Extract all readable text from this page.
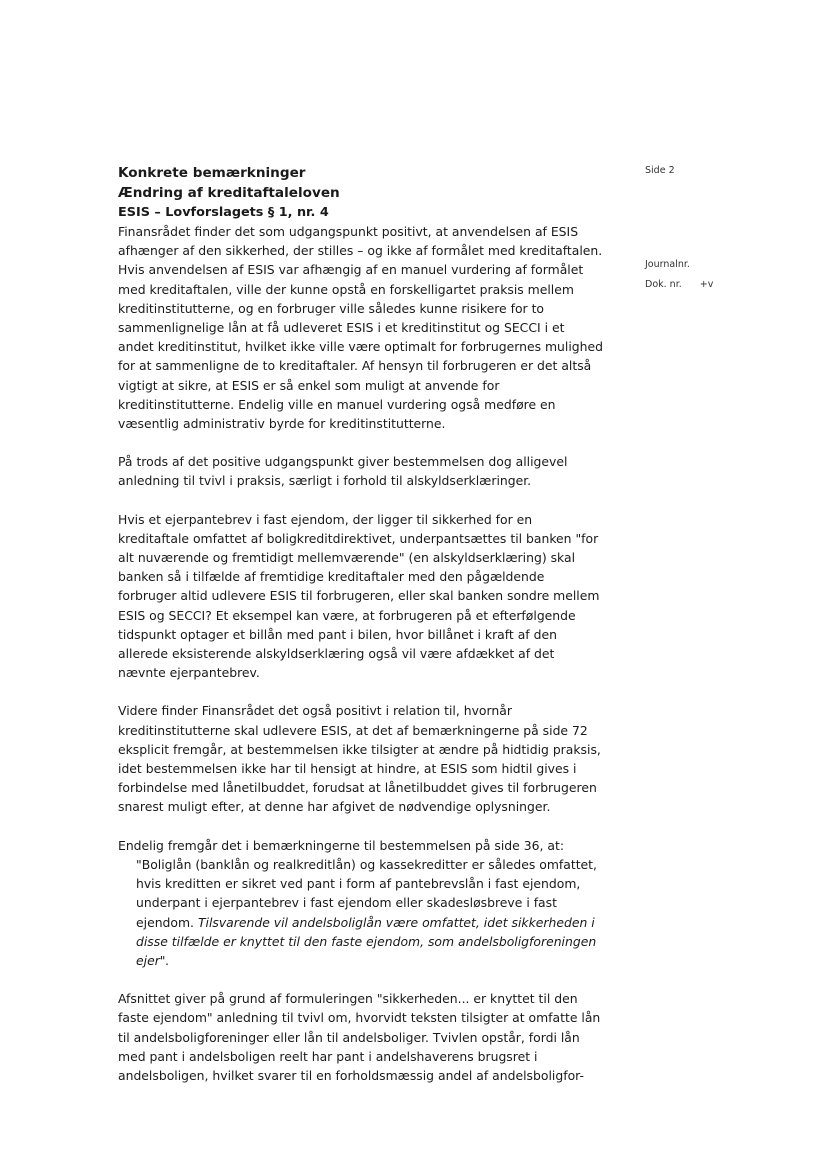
Side 2
Journalnr.
Dok. nr. +v

Konkrete bemærkninger

Ændring af kreditaftaleloven

ESIS – Lovforslagets § 1, nr. 4

Finansrådet finder det som udgangspunkt positivt, at anvendelsen af ESIS afhænger af den sikkerhed, der stilles – og ikke af formålet med kreditaftalen. Hvis anvendelsen af ESIS var afhængig af en manuel vurdering af formålet med kreditaftalen, ville der kunne opstå en forskelligartet praksis mellem kreditinstitutterne, og en forbruger ville således kunne risikere for to sammenlignelige lån at få udleveret ESIS i et kreditinstitut og SECCI i et andet kreditinstitut, hvilket ikke ville være optimalt for forbrugernes mulighed for at sammenligne de to kreditaftaler. Af hensyn til forbrugeren er det altså vigtigt at sikre, at ESIS er så enkel som muligt at anvende for kreditinstitutterne. Endelig ville en manuel vurdering også medføre en væsentlig administrativ byrde for kreditinstitutterne.

På trods af det positive udgangspunkt giver bestemmelsen dog alligevel anledning til tvivl i praksis, særligt i forhold til alskyldserklæringer.

Hvis et ejerpantebrev i fast ejendom, der ligger til sikkerhed for en kreditaftale omfattet af boligkreditdirektivet, underpantsættes til banken "for alt nuværende og fremtidigt mellemværende" (en alskyldserklæring) skal banken så i tilfælde af fremtidige kreditaftaler med den pågældende forbruger altid udlevere ESIS til forbrugeren, eller skal banken sondre mellem ESIS og SECCI? Et eksempel kan være, at forbrugeren på et efterfølgende tidspunkt optager et billån med pant i bilen, hvor billånet i kraft af den allerede eksisterende alskyldserklæring også vil være afdækket af det nævnte ejerpantebrev.

Videre finder Finansrådet det også positivt i relation til, hvornår kreditinstitutterne skal udlevere ESIS, at det af bemærkningerne på side 72 eksplicit fremgår, at bestemmelsen ikke tilsigter at ændre på hidtidig praksis, idet bestemmelsen ikke har til hensigt at hindre, at ESIS som hidtil gives i forbindelse med lånetilbuddet, forudsat at lånetilbuddet gives til forbrugeren snarest muligt efter, at denne har afgivet de nødvendige oplysninger.

Endelig fremgår det i bemærkningerne til bestemmelsen på side 36, at:

"Boliglån (banklån og realkreditlån) og kassekreditter er således omfattet, hvis kreditten er sikret ved pant i form af pantebrevslån i fast ejendom, underpant i ejerpantebrev i fast ejendom eller skadesløsbreve i fast ejendom. Tilsvarende vil andelsboliglån være omfattet, idet sikkerheden i disse tilfælde er knyttet til den faste ejendom, som andelsboligforeningen ejer".

Afsnittet giver på grund af formuleringen "sikkerheden... er knyttet til den faste ejendom" anledning til tvivl om, hvorvidt teksten tilsigter at omfatte lån til andelsboligforeninger eller lån til andelsboliger. Tvivlen opstår, fordi lån med pant i andelsboligen reelt har pant i andelshaverens brugsret i andelsboligen, hvilket svarer til en forholdsmæssig andel af andelsboligfor-
